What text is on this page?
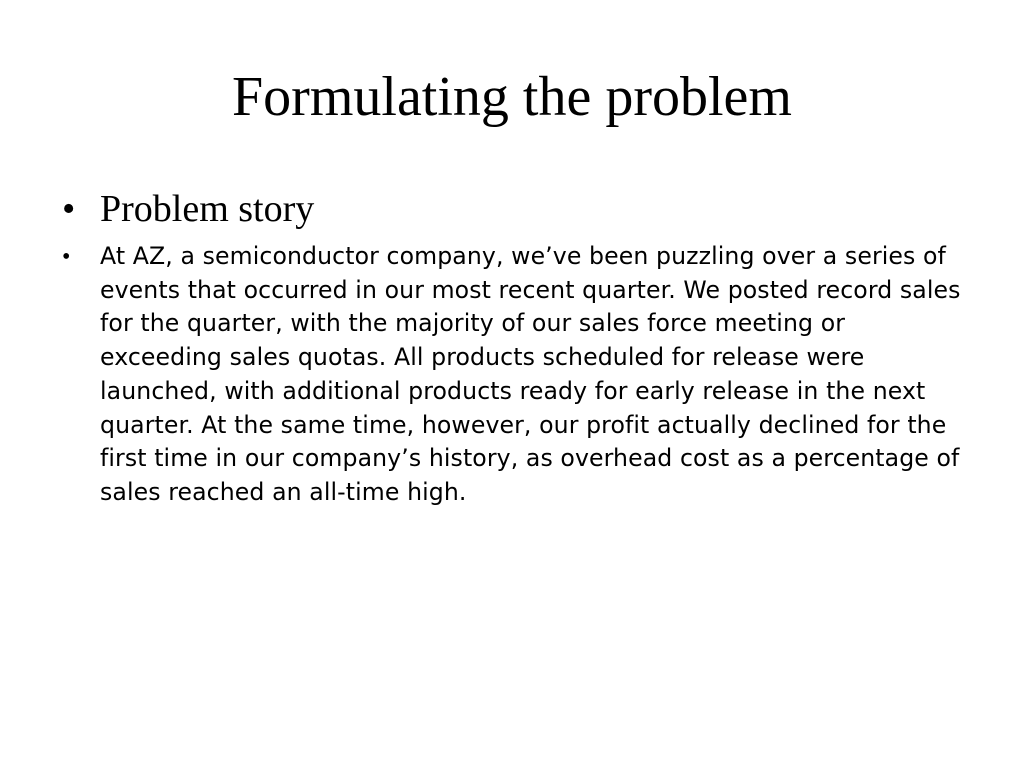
Formulating the problem
• Problem story
•	At AZ, a semiconductor company, we’ve been puzzling over a series of events that occurred in our most recent quarter. We posted record sales for the quarter, with the majority of our sales force meeting or exceeding sales quotas. All products scheduled for release were launched, with additional products ready for early release in the next quarter. At the same time, however, our profit actually declined for the first time in our company’s history, as overhead cost as a percentage of sales reached an all-time high.
